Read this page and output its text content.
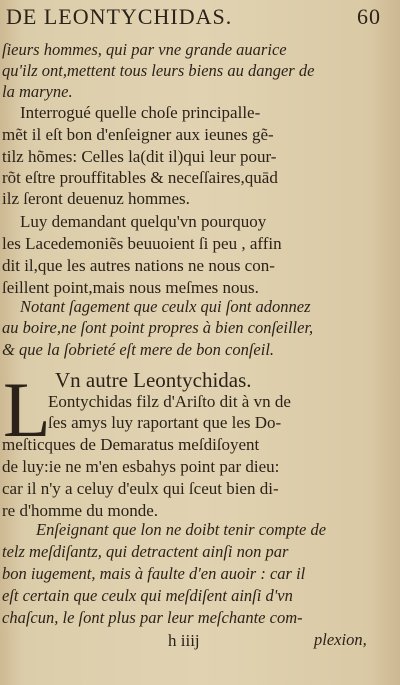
DE LEONTYCHIDAS.	60
ſieurs hommes, qui par vne grande auarice
qu'ilz ont,mettent tous leurs biens au danger de
la maryne.
Interrogué quelle choſe principalle-
mẽt il eſt bon d'enſeigner aux ieunes gẽ-
tilz hõmes: Celles la(dit il)qui leur pour-
rõt eſtre prouffitables & neceſſaires,quād
ilz ſeront deuenuz hommes.
Luy demandant quelqu'vn pourquoy
les Lacedemoniẽs beuuoient ſi peu , affin
dit il,que les autres nations ne nous con-
ſeillent point,mais nous meſmes nous.
Notant ſagement que ceulx qui ſont adonnez
au boire,ne ſont point propres à bien conſeiller,
& que la ſobrieté eſt mere de bon conſeil.
Vn autre Leontychidas.
L
Eontychidas filz d'Ariſto dit à vn de
ſes amys luy raportant que les Do-
meſticques de Demaratus meſdiſoyent
de luy:ie ne m'en esbahys point par dieu:
car il n'y a celuy d'eulx qui ſceut bien di-
re d'homme du monde.
Enſeignant que lon ne doibt tenir compte de
telz meſdiſantz, qui detractent ainſi non par
bon iugement, mais à faulte d'en auoir : car il
eſt certain que ceulx qui meſdiſent ainſi d'vn
chaſcun, le ſont plus par leur meſchante com-
h iiij	plexion,
